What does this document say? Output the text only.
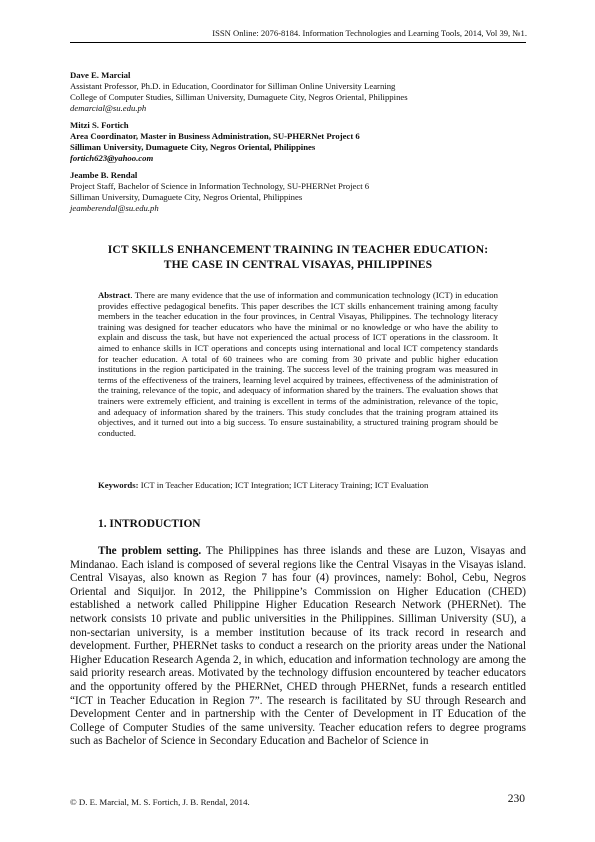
ISSN Online: 2076-8184. Information Technologies and Learning Tools, 2014, Vol 39, №1.
Dave E. Marcial
Assistant Professor, Ph.D. in Education, Coordinator for Silliman Online University Learning
College of Computer Studies, Silliman University, Dumaguete City, Negros Oriental, Philippines
demarcial@su.edu.ph
Mitzi S. Fortich
Area Coordinator, Master in Business Administration, SU-PHERNet Project 6
Silliman University, Dumaguete City, Negros Oriental, Philippines
fortich623@yahoo.com
Jeambe B. Rendal
Project Staff, Bachelor of Science in Information Technology, SU-PHERNet Project 6
Silliman University, Dumaguete City, Negros Oriental, Philippines
jeamberendal@su.edu.ph
ICT SKILLS ENHANCEMENT TRAINING IN TEACHER EDUCATION:
THE CASE IN CENTRAL VISAYAS, PHILIPPINES
Abstract. There are many evidence that the use of information and communication technology (ICT) in education provides effective pedagogical benefits. This paper describes the ICT skills enhancement training among faculty members in the teacher education in the four provinces, in Central Visayas, Philippines. The technology literacy training was designed for teacher educators who have the minimal or no knowledge or who have the ability to explain and discuss the task, but have not experienced the actual process of ICT operations in the classroom. It aimed to enhance skills in ICT operations and concepts using international and local ICT competency standards for teacher education. A total of 60 trainees who are coming from 30 private and public higher education institutions in the region participated in the training. The success level of the training program was measured in terms of the effectiveness of the trainers, learning level acquired by trainees, effectiveness of the administration of the training, relevance of the topic, and adequacy of information shared by the trainers. The evaluation shows that trainers were extremely efficient, and training is excellent in terms of the administration, relevance of the topic, and adequacy of information shared by the trainers. This study concludes that the training program attained its objectives, and it turned out into a big success. To ensure sustainability, a structured training program should be conducted.
Keywords: ICT in Teacher Education; ICT Integration; ICT Literacy Training; ICT Evaluation
1. INTRODUCTION
The problem setting. The Philippines has three islands and these are Luzon, Visayas and Mindanao. Each island is composed of several regions like the Central Visayas in the Visayas island. Central Visayas, also known as Region 7 has four (4) provinces, namely: Bohol, Cebu, Negros Oriental and Siquijor. In 2012, the Philippine’s Commission on Higher Education (CHED) established a network called Philippine Higher Education Research Network (PHERNet). The network consists 10 private and public universities in the Philippines. Silliman University (SU), a non-sectarian university, is a member institution because of its track record in research and development. Further, PHERNet tasks to conduct a research on the priority areas under the National Higher Education Research Agenda 2, in which, education and information technology are among the said priority research areas. Motivated by the technology diffusion encountered by teacher educators and the opportunity offered by the PHERNet, CHED through PHERNet, funds a research entitled “ICT in Teacher Education in Region 7”. The research is facilitated by SU through Research and Development Center and in partnership with the Center of Development in IT Education of the College of Computer Studies of the same university. Teacher education refers to degree programs such as Bachelor of Science in Secondary Education and Bachelor of Science in
© D. E. Marcial, M. S. Fortich, J. B. Rendal, 2014.	230
